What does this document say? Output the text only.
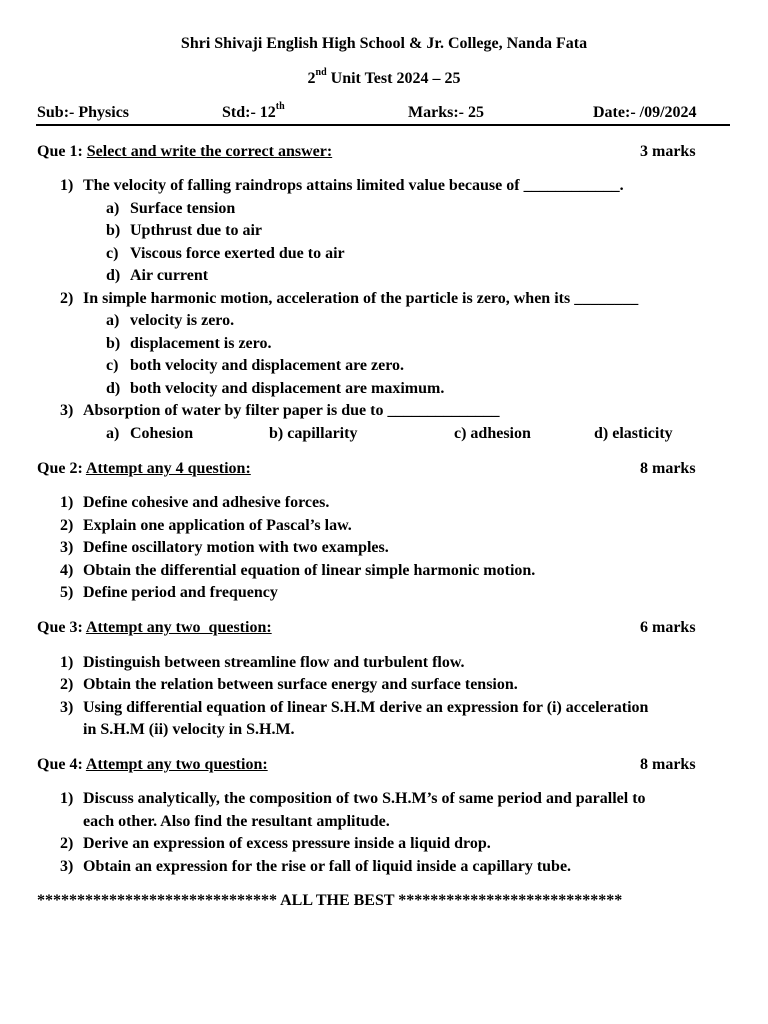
Shri Shivaji English High School & Jr. College, Nanda Fata
2nd Unit Test 2024 – 25
Sub:- Physics	Std:- 12th	Marks:- 25	Date:- /09/2024
Que 1: Select and write the correct answer:	3 marks
1) The velocity of falling raindrops attains limited value because of ____________.
a) Surface tension
b) Upthrust due to air
c) Viscous force exerted due to air
d) Air current
2) In simple harmonic motion, acceleration of the particle is zero, when its ________
a) velocity is zero.
b) displacement is zero.
c) both velocity and displacement are zero.
d) both velocity and displacement are maximum.
3) Absorption of water by filter paper is due to ______________
a) Cohesion	b) capillarity	c) adhesion	d) elasticity
Que 2: Attempt any 4 question:	8 marks
1) Define cohesive and adhesive forces.
2) Explain one application of Pascal’s law.
3) Define oscillatory motion with two examples.
4) Obtain the differential equation of linear simple harmonic motion.
5) Define period and frequency
Que 3: Attempt any two  question:	6 marks
1) Distinguish between streamline flow and turbulent flow.
2) Obtain the relation between surface energy and surface tension.
3) Using differential equation of linear S.H.M derive an expression for (i) acceleration
in S.H.M (ii) velocity in S.H.M.
Que 4: Attempt any two question:	8 marks
1) Discuss analytically, the composition of two S.H.M’s of same period and parallel to
each other. Also find the resultant amplitude.
2) Derive an expression of excess pressure inside a liquid drop.
3) Obtain an expression for the rise or fall of liquid inside a capillary tube.
****************************** ALL THE BEST ****************************
